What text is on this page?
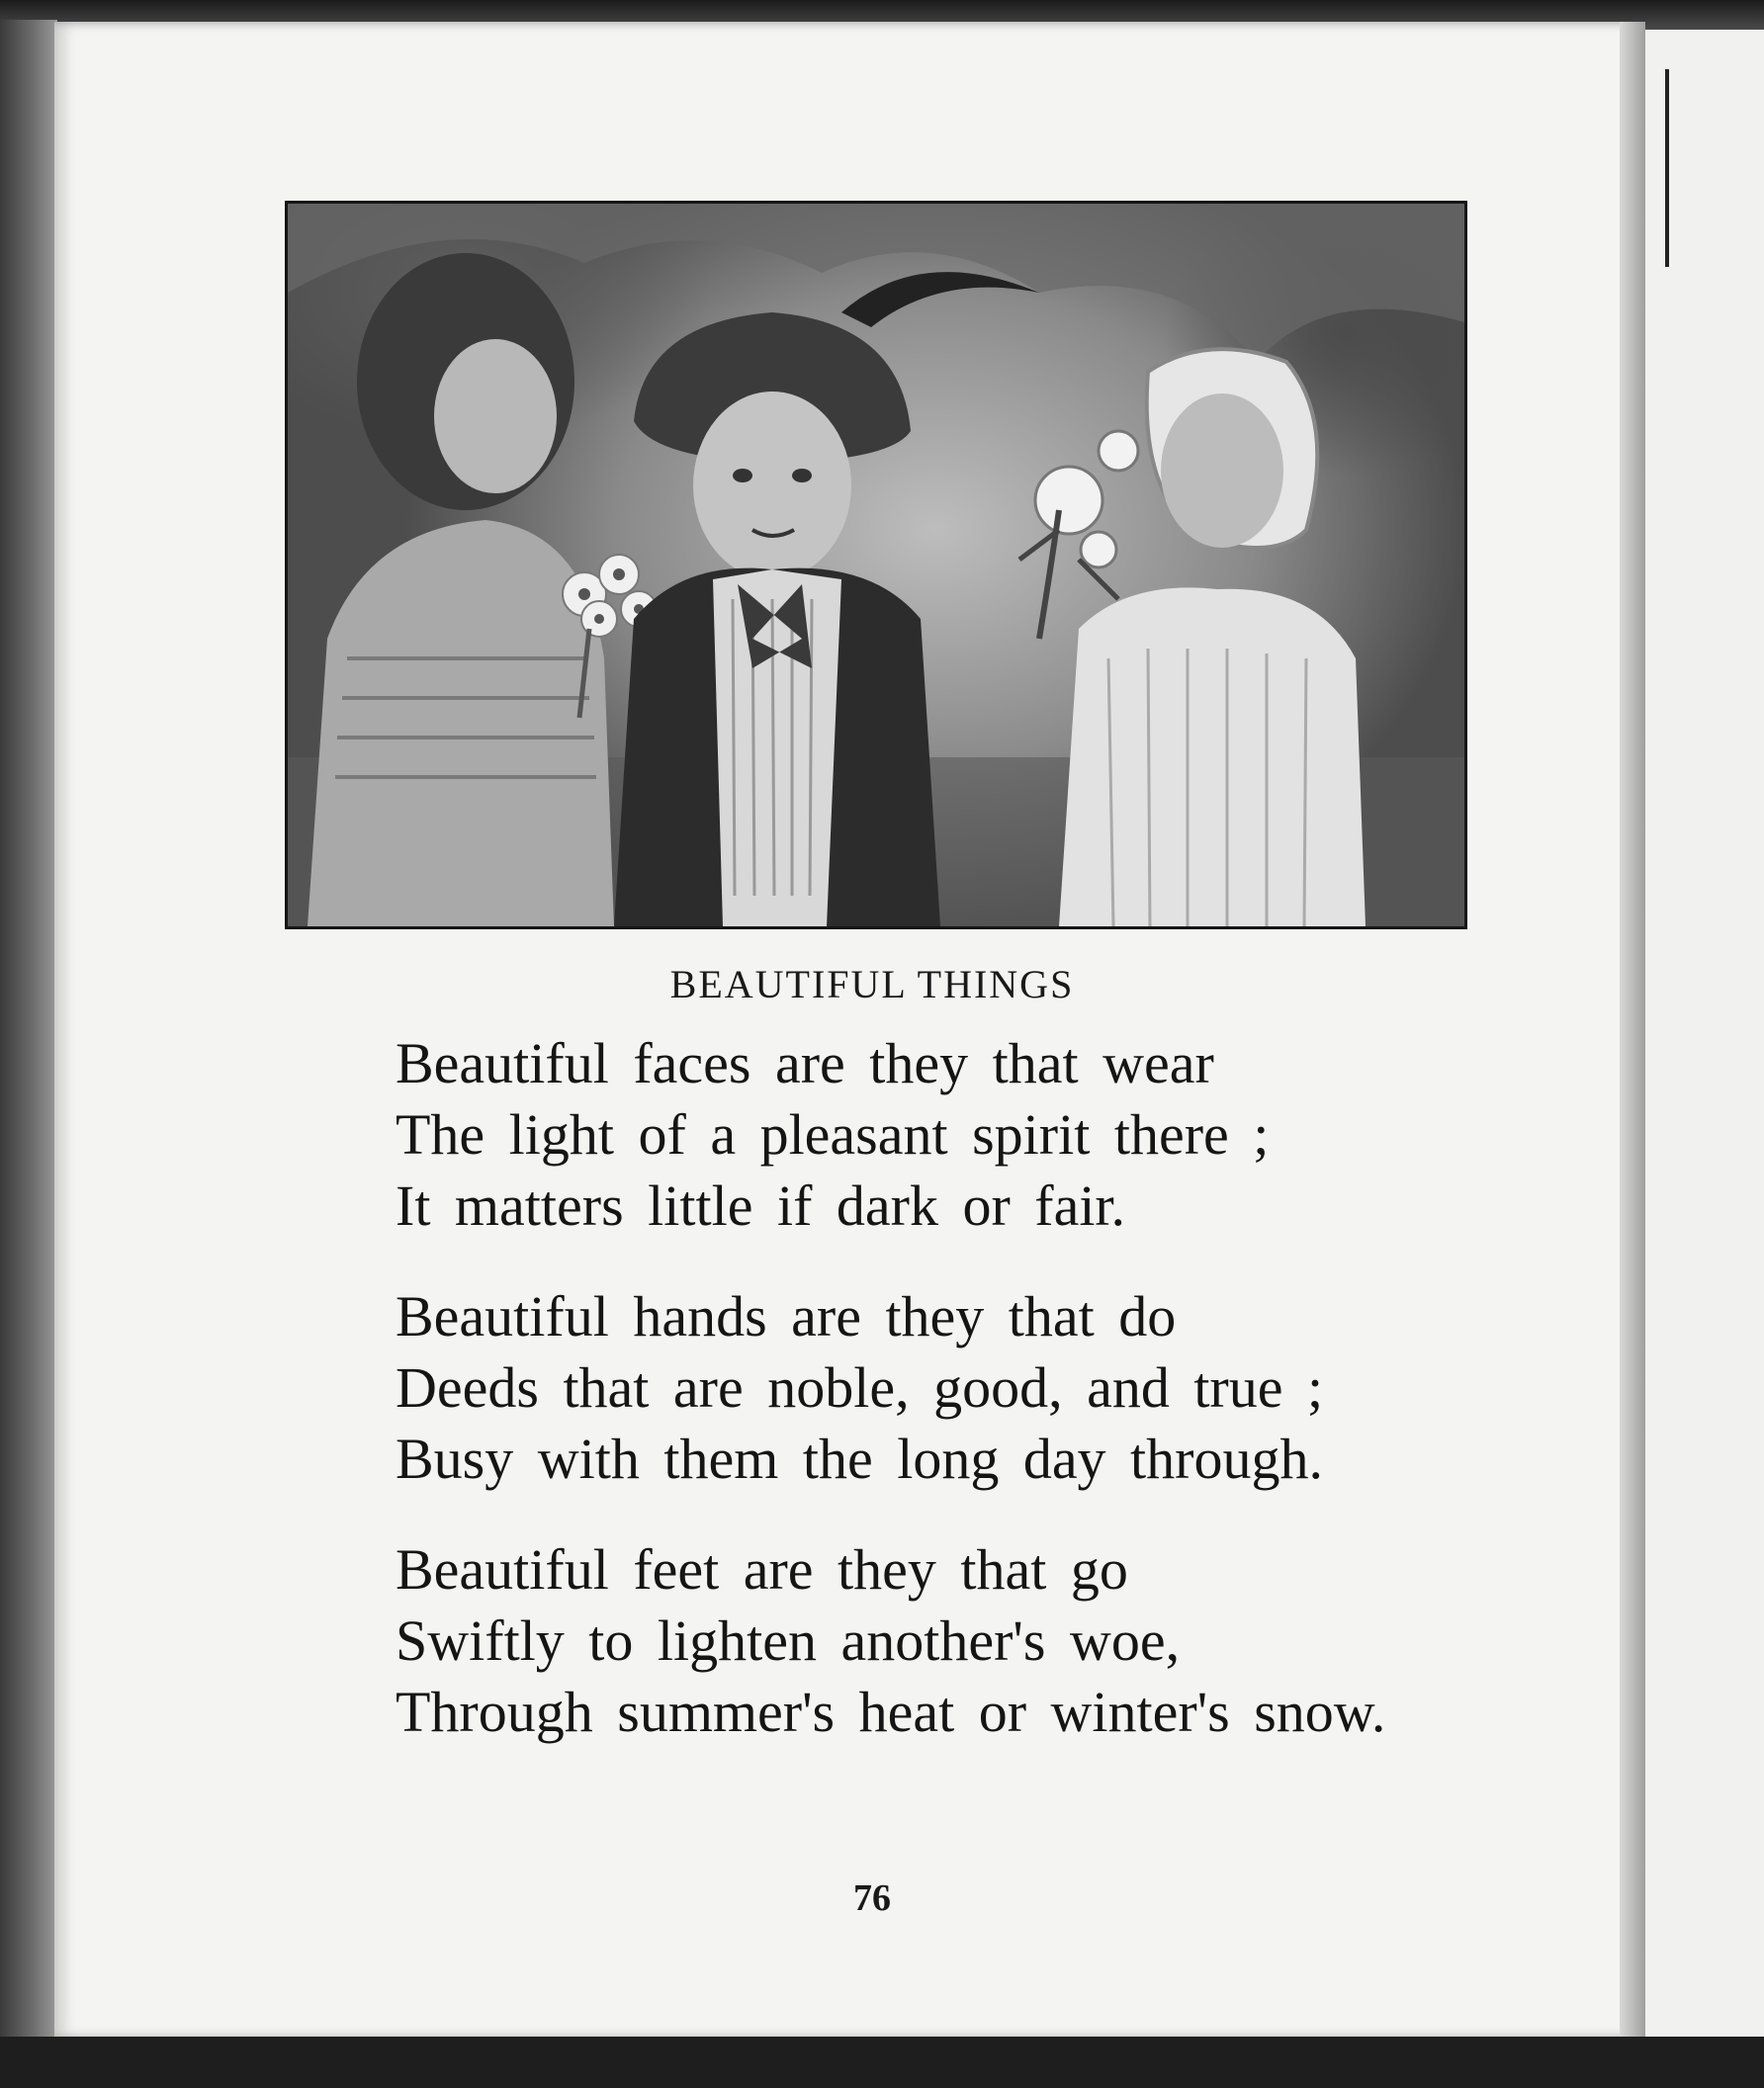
BEAUTIFUL THINGS
Beautiful faces are they that wear
The light of a pleasant spirit there ;
It matters little if dark or fair.
Beautiful hands are they that do
Deeds that are noble, good, and true ;
Busy with them the long day through.
Beautiful feet are they that go
Swiftly to lighten another's woe,
Through summer's heat or winter's snow.
76
